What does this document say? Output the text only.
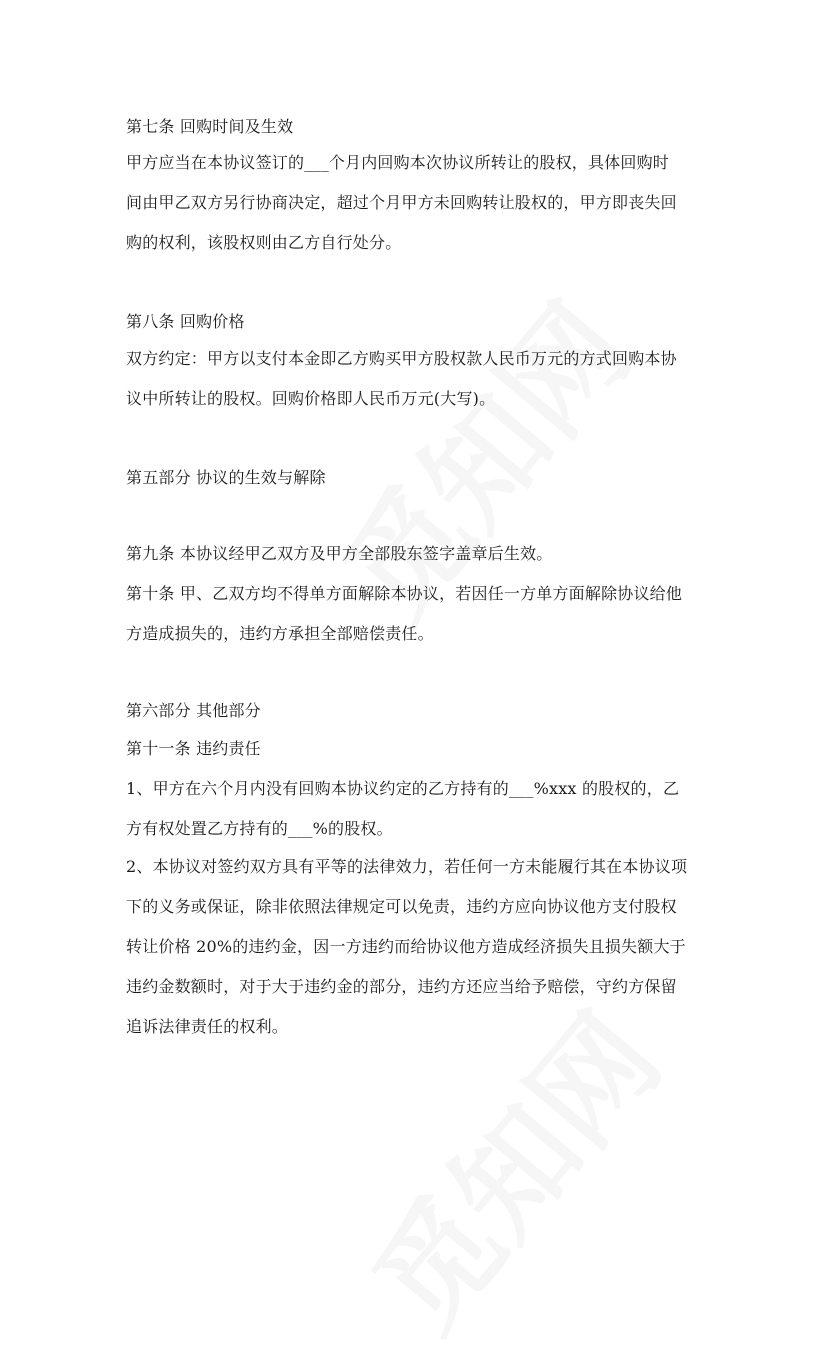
第七条 回购时间及生效
甲方应当在本协议签订的___个月内回购本次协议所转让的股权，具体回购时
间由甲乙双方另行协商决定，超过个月甲方未回购转让股权的，甲方即丧失回
购的权利，该股权则由乙方自行处分。
第八条 回购价格
双方约定：甲方以支付本金即乙方购买甲方股权款人民币万元的方式回购本协
议中所转让的股权。回购价格即人民币万元(大写)。
第五部分 协议的生效与解除
第九条 本协议经甲乙双方及甲方全部股东签字盖章后生效。
第十条 甲、乙双方均不得单方面解除本协议，若因任一方单方面解除协议给他
方造成损失的，违约方承担全部赔偿责任。
第六部分 其他部分
第十一条 违约责任
1、甲方在六个月内没有回购本协议约定的乙方持有的___%xxx 的股权的，乙
方有权处置乙方持有的___%的股权。
2、本协议对签约双方具有平等的法律效力，若任何一方未能履行其在本协议项
下的义务或保证，除非依照法律规定可以免责，违约方应向协议他方支付股权
转让价格 20%的违约金，因一方违约而给协议他方造成经济损失且损失额大于
违约金数额时，对于大于违约金的部分，违约方还应当给予赔偿，守约方保留
追诉法律责任的权利。
